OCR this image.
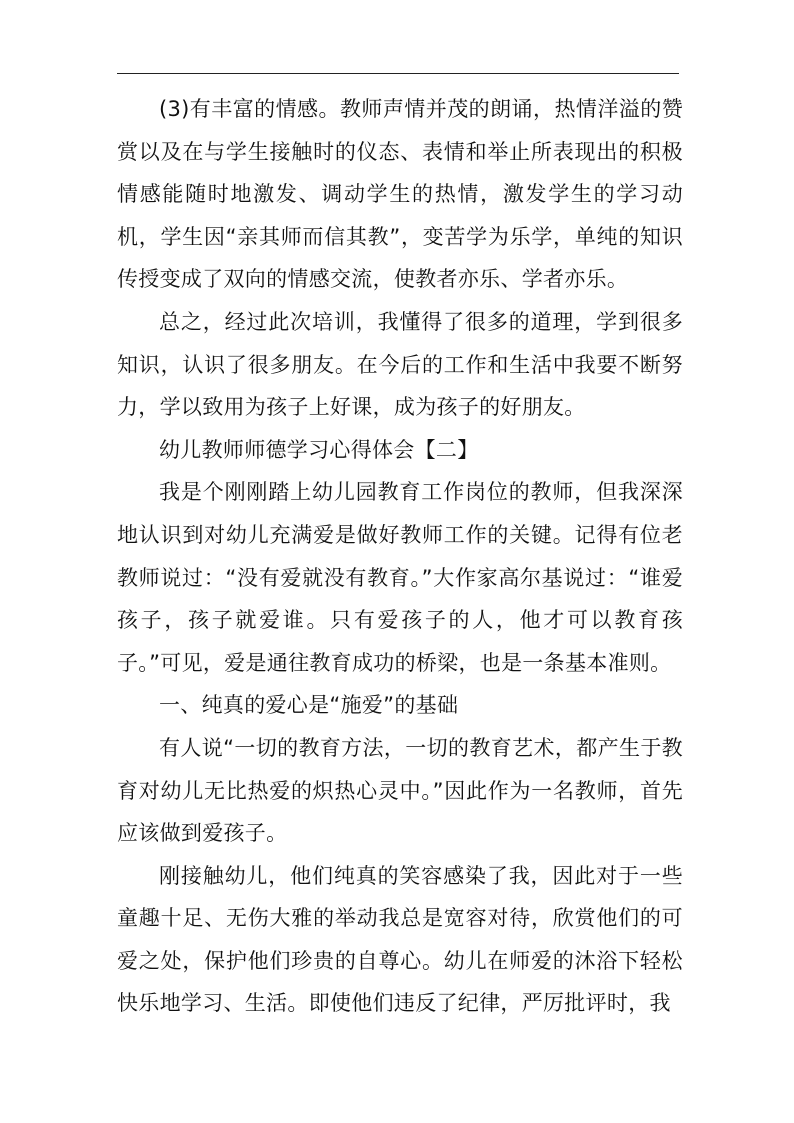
(3)有丰富的情感。教师声情并茂的朗诵，热情洋溢的赞赏以及在与学生接触时的仪态、表情和举止所表现出的积极情感能随时地激发、调动学生的热情，激发学生的学习动机，学生因“亲其师而信其教”，变苦学为乐学，单纯的知识传授变成了双向的情感交流，使教者亦乐、学者亦乐。

总之，经过此次培训，我懂得了很多的道理，学到很多知识，认识了很多朋友。在今后的工作和生活中我要不断努力，学以致用为孩子上好课，成为孩子的好朋友。

幼儿教师师德学习心得体会【二】

我是个刚刚踏上幼儿园教育工作岗位的教师，但我深深地认识到对幼儿充满爱是做好教师工作的关键。记得有位老教师说过：“没有爱就没有教育。”大作家高尔基说过：“谁爱孩子，孩子就爱谁。只有爱孩子的人，他才可以教育孩子。”可见，爱是通往教育成功的桥梁，也是一条基本准则。

一、纯真的爱心是“施爱”的基础

有人说“一切的教育方法，一切的教育艺术，都产生于教育对幼儿无比热爱的炽热心灵中。”因此作为一名教师，首先应该做到爱孩子。

刚接触幼儿，他们纯真的笑容感染了我，因此对于一些童趣十足、无伤大雅的举动我总是宽容对待，欣赏他们的可爱之处，保护他们珍贵的自尊心。幼儿在师爱的沐浴下轻松快乐地学习、生活。即使他们违反了纪律，严厉批评时，我
